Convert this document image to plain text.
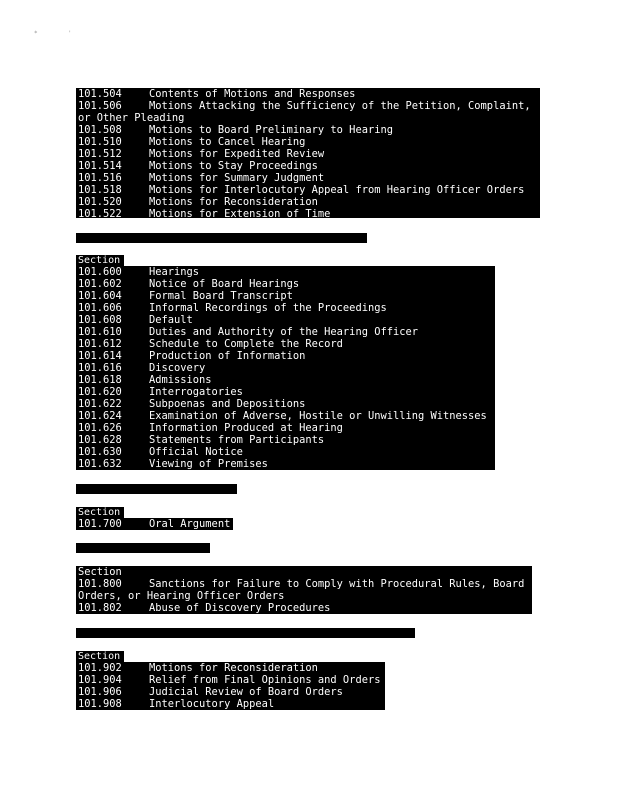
*	'
101.504	Contents of Motions and Responses
101.506	Motions Attacking the Sufficiency of the Petition, Complaint,
or Other Pleading
101.508	Motions to Board Preliminary to Hearing
101.510	Motions to Cancel Hearing
101.512	Motions for Expedited Review
101.514	Motions to Stay Proceedings
101.516	Motions for Summary Judgment
101.518	Motions for Interlocutory Appeal from Hearing Officer Orders
101.520	Motions for Reconsideration
101.522	Motions for Extension of Time

SUBPART F:

HEARINGS, EVIDENCE, AND DISCOVERY

Section
101.600	Hearings
101.602	Notice of Board Hearings
101.604	Formal Board Transcript
101.606	Informal Recordings of the Proceedings
101.608	Default
101.610	Duties and Authority of the Hearing Officer
101.612	Schedule to Complete the Record
101.614	Production of Information
101.616	Discovery
101.618	Admissions
101.620	Interrogatories
101.622	Subpoenas and Depositions
101.624	Examination of Adverse, Hostile or Unwilling Witnesses
101.626	Information Produced at Hearing
101.628	Statements from Participants
101.630	Official Notice
101.632	Viewing of Premises

SUBPART G:

ORAL ARGUMENT

Section
101.700	Oral Argument

SUBPART H:

Section
101.800	Sanctions for Failure to Comply with Procedural Rules, Board
Orders, or Hearing Officer Orders
101.802	Abuse of Discovery Procedures

SUBPART I:

REVIEW OF FINAL BOARD OPINIONS AND ORDERS

Section
101.902	Motions for Reconsideration
101.904	Relief from Final Opinions and Orders
101.906	Judicial Review of Board Orders
101.908	Interlocutory Appeal
